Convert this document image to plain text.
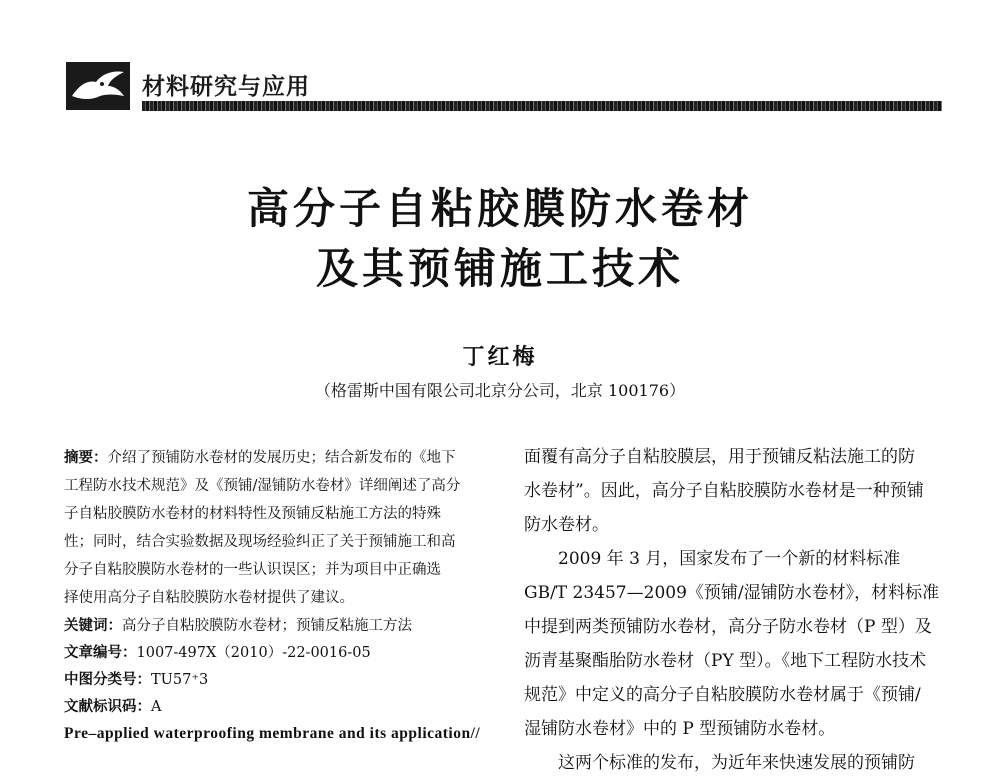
材料研究与应用
高分子自粘胶膜防水卷材
及其预铺施工技术
丁红梅
（格雷斯中国有限公司北京分公司，北京 100176）
摘要：介绍了预铺防水卷材的发展历史；结合新发布的《地下
工程防水技术规范》及《预铺/湿铺防水卷材》详细阐述了高分
子自粘胶膜防水卷材的材料特性及预铺反粘施工方法的特殊
性；同时，结合实验数据及现场经验纠正了关于预铺施工和高
分子自粘胶膜防水卷材的一些认识误区；并为项目中正确选
择使用高分子自粘胶膜防水卷材提供了建议。
关键词：高分子自粘胶膜防水卷材；预铺反粘施工方法
文章编号：1007-497X（2010）-22-0016-05
中图分类号：TU57⁺3
文献标识码：A
Pre–applied waterproofing membrane and its application//
面覆有高分子自粘胶膜层，用于预铺反粘法施工的防
水卷材”。因此，高分子自粘胶膜防水卷材是一种预铺
防水卷材。
2009 年 3 月，国家发布了一个新的材料标准
GB/T 23457—2009《预铺/湿铺防水卷材》，材料标准
中提到两类预铺防水卷材，高分子防水卷材（P 型）及
沥青基聚酯胎防水卷材（PY 型）。《地下工程防水技术
规范》中定义的高分子自粘胶膜防水卷材属于《预铺/
湿铺防水卷材》中的 P 型预铺防水卷材。
这两个标准的发布，为近年来快速发展的预铺防
